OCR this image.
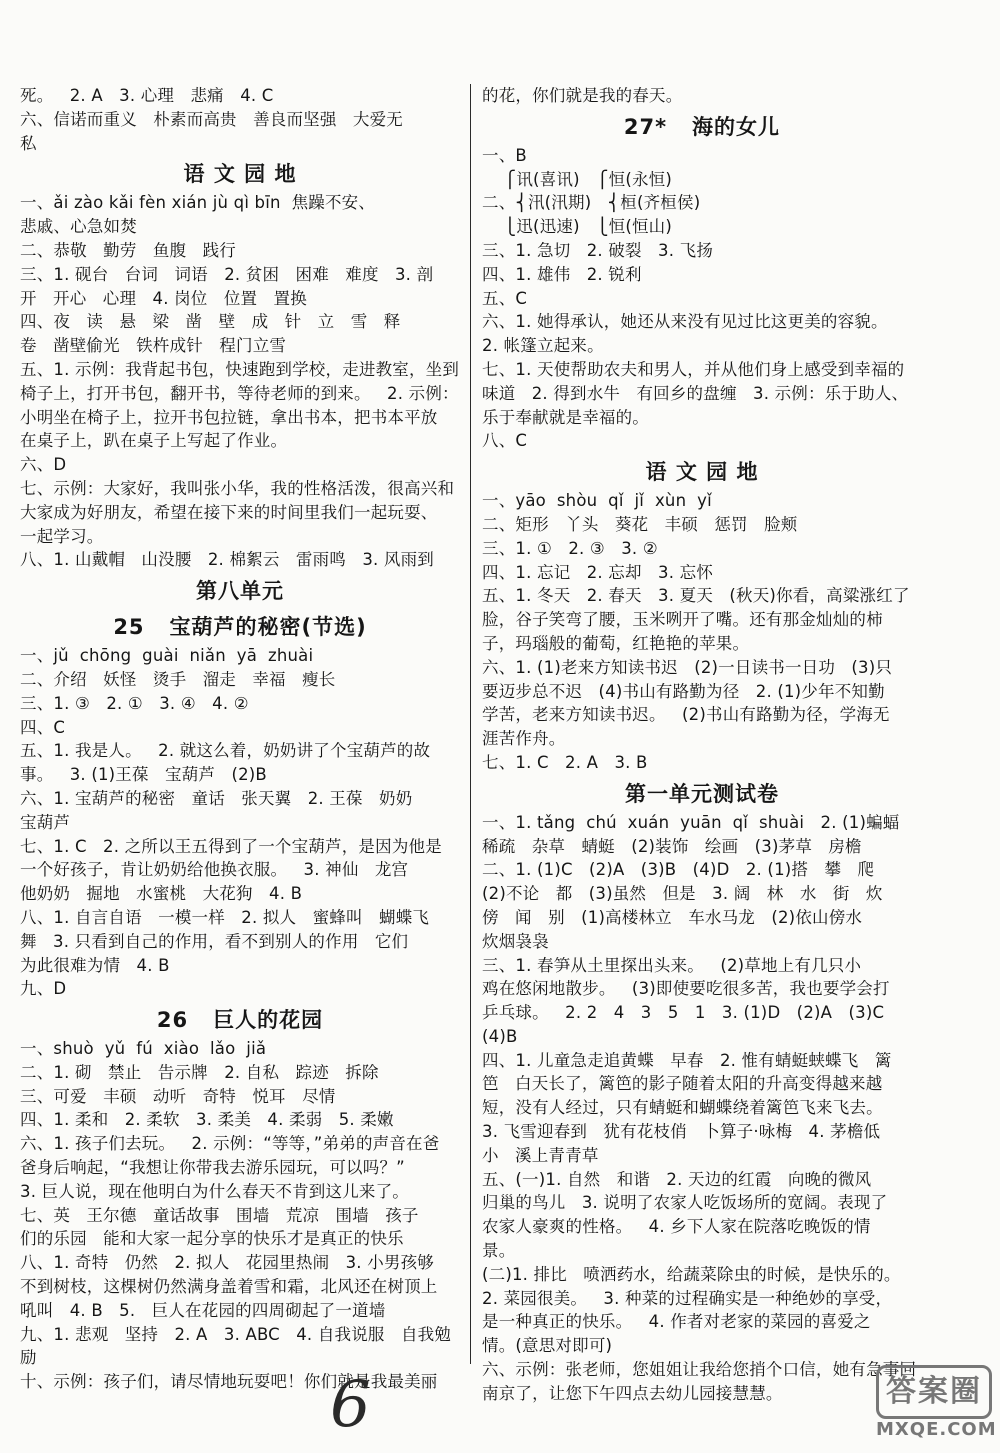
死。   2. A   3. 心理   悲痛   4. C
六、信诺而重义   朴素而高贵   善良而坚强   大爱无
私
语 文 园 地
一、ǎi zào kǎi fèn xián jù qì bīn  焦躁不安、
悲戚、心急如焚
二、恭敬   勤劳   鱼腹   践行
三、1. 砚台   台词   词语   2. 贫困   困难   难度   3. 剖
开   开心   心理   4. 岗位   位置   置换
四、夜   读   悬   梁   凿   壁   成   针   立   雪   释
卷   凿壁偷光   铁杵成针   程门立雪
五、1. 示例：我背起书包，快速跑到学校，走进教室，坐到
椅子上，打开书包，翻开书，等待老师的到来。   2. 示例：
小明坐在椅子上，拉开书包拉链，拿出书本，把书本平放
在桌子上，趴在桌子上写起了作业。
六、D
七、示例：大家好，我叫张小华，我的性格活泼，很高兴和
大家成为好朋友，希望在接下来的时间里我们一起玩耍、
一起学习。
八、1. 山戴帽   山没腰   2. 棉絮云   雷雨鸣   3. 风雨到
第八单元
25   宝葫芦的秘密(节选)
一、jǔ  chōng  guài  niǎn  yā  zhuài
二、介绍   妖怪   烫手   溜走   幸福   瘦长
三、1. ③   2. ①   3. ④   4. ②
四、C
五、1. 我是人。   2. 就这么着，奶奶讲了个宝葫芦的故
事。   3. (1)王葆   宝葫芦   (2)B
六、1. 宝葫芦的秘密   童话   张天翼   2. 王葆   奶奶
宝葫芦
七、1. C   2. 之所以王五得到了一个宝葫芦，是因为他是
一个好孩子，肯让奶奶给他换衣服。   3. 神仙   龙宫
他奶奶   掘地   水蜜桃   大花狗   4. B
八、1. 自言自语   一模一样   2. 拟人   蜜蜂叫   蝴蝶飞
舞   3. 只看到自己的作用，看不到别人的作用   它们
为此很难为情   4. B
九、D
26   巨人的花园
一、shuò  yǔ  fú  xiào  lǎo  jiǎ
二、1. 砌   禁止   告示牌   2. 自私   踪迹   拆除
三、可爱   丰硕   动听   奇特   悦耳   尽情
四、1. 柔和   2. 柔软   3. 柔美   4. 柔弱   5. 柔嫩
六、1. 孩子们去玩。   2. 示例：“等等，”弟弟的声音在爸
爸身后响起，“我想让你带我去游乐园玩，可以吗？”
3. 巨人说，现在他明白为什么春天不肯到这儿来了。
七、英   王尔德   童话故事   围墙   荒凉   围墙   孩子
们的乐园   能和大家一起分享的快乐才是真正的快乐
八、1. 奇特   仍然   2. 拟人   花园里热闹   3. 小男孩够
不到树枝，这棵树仍然满身盖着雪和霜，北风还在树顶上
吼叫   4. B   5.   巨人在花园的四周砌起了一道墙
九、1. 悲观   坚持   2. A   3. ABC   4. 自我说服   自我勉
励
十、示例：孩子们，请尽情地玩耍吧！你们就是我最美丽
的花，你们就是我的春天。
27*   海的女儿
一、B
⎧讯(喜讯)   ⎧恒(永恒)
二、⎨汛(汛期)   ⎨桓(齐桓侯)
⎩迅(迅速)   ⎩恒(恒山)
三、1. 急切   2. 破裂   3. 飞扬
四、1. 雄伟   2. 锐利
五、C
六、1. 她得承认，她还从来没有见过比这更美的容貌。
2. 帐篷立起来。
七、1. 天使帮助农夫和男人，并从他们身上感受到幸福的
味道   2. 得到水牛   有回乡的盘缠   3. 示例：乐于助人、
乐于奉献就是幸福的。
八、C
语 文 园 地
一、yāo  shòu  qǐ  jǐ  xùn  yǐ
二、矩形   丫头   葵花   丰硕   惩罚   脸颊
三、1. ①   2. ③   3. ②
四、1. 忘记   2. 忘却   3. 忘怀
五、1. 冬天   2. 春天   3. 夏天   (秋天)你看，高粱涨红了
脸，谷子笑弯了腰，玉米咧开了嘴。还有那金灿灿的柿
子，玛瑙般的葡萄，红艳艳的苹果。
六、1. (1)老来方知读书迟   (2)一日读书一日功   (3)只
要迈步总不迟   (4)书山有路勤为径   2. (1)少年不知勤
学苦，老来方知读书迟。   (2)书山有路勤为径，学海无
涯苦作舟。
七、1. C   2. A   3. B
第一单元测试卷
一、1. tǎng  chú  xuán  yuān  qǐ  shuài   2. (1)蝙蝠
稀疏   杂草   蜻蜓   (2)装饰   绘画   (3)茅草   房檐
二、1. (1)C   (2)A   (3)B   (4)D   2. (1)搭   攀   爬
(2)不论   都   (3)虽然   但是   3. 阔   林   水   街   炊
傍   闻   别   (1)高楼林立   车水马龙   (2)依山傍水
炊烟袅袅
三、1. 春笋从土里探出头来。   (2)草地上有几只小
鸡在悠闲地散步。   (3)即使要吃很多苦，我也要学会打
乒乓球。   2. 2   4   3   5   1   3. (1)D   (2)A   (3)C
(4)B
四、1. 儿童急走追黄蝶   早春   2. 惟有蜻蜓蛱蝶飞   篱
笆   白天长了，篱笆的影子随着太阳的升高变得越来越
短，没有人经过，只有蜻蜓和蝴蝶绕着篱笆飞来飞去。
3. 飞雪迎春到   犹有花枝俏   卜算子·咏梅   4. 茅檐低
小   溪上青青草
五、(一)1. 自然   和谐   2. 天边的红霞   向晚的微风
归巢的鸟儿   3. 说明了农家人吃饭场所的宽阔。表现了
农家人豪爽的性格。   4. 乡下人家在院落吃晚饭的情
景。
(二)1. 排比   喷洒药水，给蔬菜除虫的时候，是快乐的。
2. 菜园很美。   3. 种菜的过程确实是一种绝妙的享受，
是一种真正的快乐。   4. 作者对老家的菜园的喜爱之
情。(意思对即可)
六、示例：张老师，您姐姐让我给您捎个口信，她有急事回
南京了，让您下午四点去幼儿园接慧慧。
6	答案圈
MXQE.COM
